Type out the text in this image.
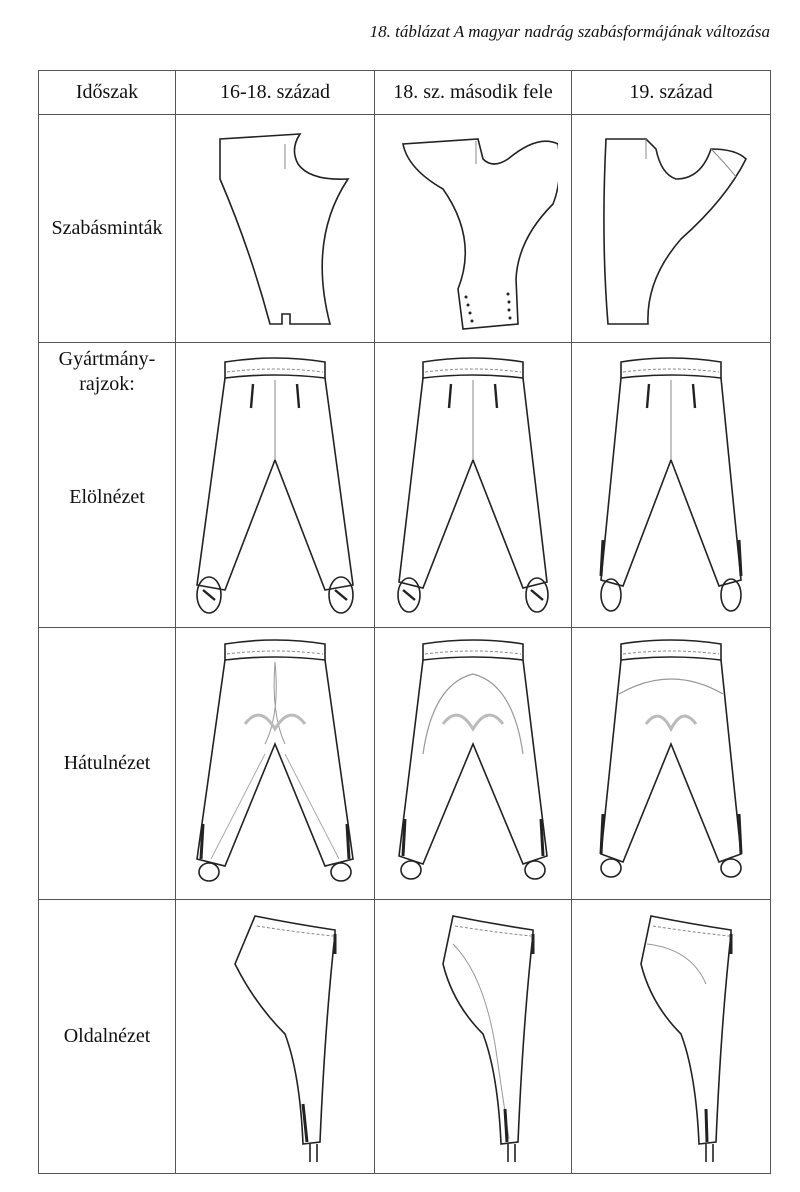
18. táblázat A magyar nadrág szabásformájának változása
Időszak	16-18. század	18. sz. második fele	19. század
Szabásminták	

Gyártmány-
rajzok:
Elölnézet

Hátulnézet	

Oldalnézet	
